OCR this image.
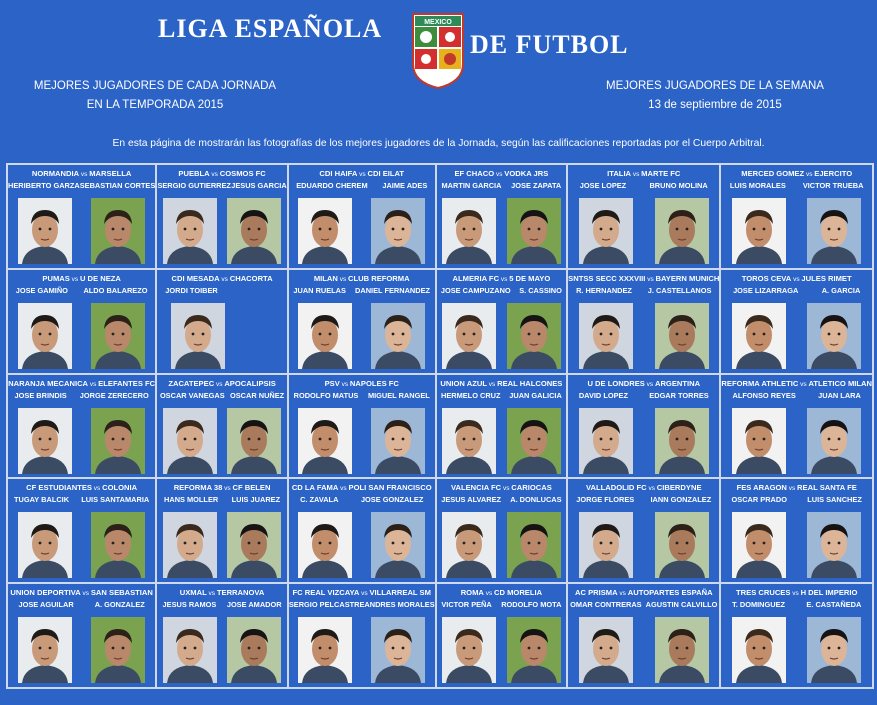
LIGA ESPAÑOLA	MEXICO
DE FUTBOL
MEJORES JUGADORES DE CADA JORNADA
EN LA TEMPORADA 2015
MEJORES JUGADORES DE LA SEMANA
13 de septiembre de 2015
En esta página de mostrarán las fotografías de los mejores jugadores de la Jornada, según las calificaciones reportadas por el Cuerpo Arbitral.
NORMANDIA vs MARSELLA
HERIBERTO GARZA SEBASTIAN CORTES
PUEBLA vs COSMOS FC
SERGIO GUTIERREZ JESUS GARCIA
CDI HAIFA vs CDI EILAT
EDUARDO CHEREM JAIME ADES
EF CHACO vs VODKA JRS
MARTIN GARCIA JOSE ZAPATA
ITALIA vs MARTE FC
JOSE LOPEZ	BRUNO MOLINA
MERCED GOMEZ vs EJERCITO
LUIS MORALES VICTOR TRUEBA
PUMAS vs U DE NEZA
JOSE GAMIÑO ALDO BALAREZO
CDI MESADA vs CHACORTA
JORDI TOIBER
MILAN vs CLUB REFORMA
JUAN RUELAS DANIEL FERNANDEZ
ALMERIA FC vs 5 DE MAYO
JOSE CAMPUZANO S. CASSINO
SNTSS SECC XXXVIII vs BAYERN MUNICH
R. HERNANDEZ J. CASTELLANOS
TOROS CEVA vs JULES RIMET
JOSE LIZARRAGA	A. GARCIA
NARANJA MECANICA vs ELEFANTES FC
JOSE BRINDIS JORGE ZERECERO
ZACATEPEC vs APOCALIPSIS
OSCAR VANEGAS OSCAR NUÑEZ
PSV vs NAPOLES FC
RODOLFO MATUS MIGUEL RANGEL
UNION AZUL vs REAL HALCONES
HERMELO CRUZ JUAN GALICIA
U DE LONDRES vs ARGENTINA
DAVID LOPEZ	EDGAR TORRES
REFORMA ATHLETIC vs ATLETICO MILAN
ALFONSO REYES	JUAN LARA
CF ESTUDIANTES vs COLONIA
TUGAY BALCIK LUIS SANTAMARIA
REFORMA 38 vs CF BELEN
HANS MOLLER LUIS JUAREZ
CD LA FAMA vs POLI SAN FRANCISCO
C. ZAVALA	JOSE GONZALEZ
VALENCIA FC vs CARIOCAS
JESUS ALVAREZ A. DONLUCAS
VALLADOLID FC vs CIBERDYNE
JORGE FLORES IANN GONZALEZ
FES ARAGON vs REAL SANTA FE
OSCAR PRADO	LUIS SANCHEZ
UNION DEPORTIVA vs SAN SEBASTIAN
JOSE AGUILAR	A. GONZALEZ
UXMAL vs TERRANOVA
JESUS RAMOS JOSE AMADOR
FC REAL VIZCAYA vs VILLARREAL SM
SERGIO PELCASTRE ANDRES MORALES
ROMA vs CD MORELIA
VICTOR PEÑA RODOLFO MOTA
AC PRISMA vs AUTOPARTES ESPAÑA
OMAR CONTRERAS AGUSTIN CALVILLO
TRES CRUCES vs H DEL IMPERIO
T. DOMINGUEZ	E. CASTAÑEDA
